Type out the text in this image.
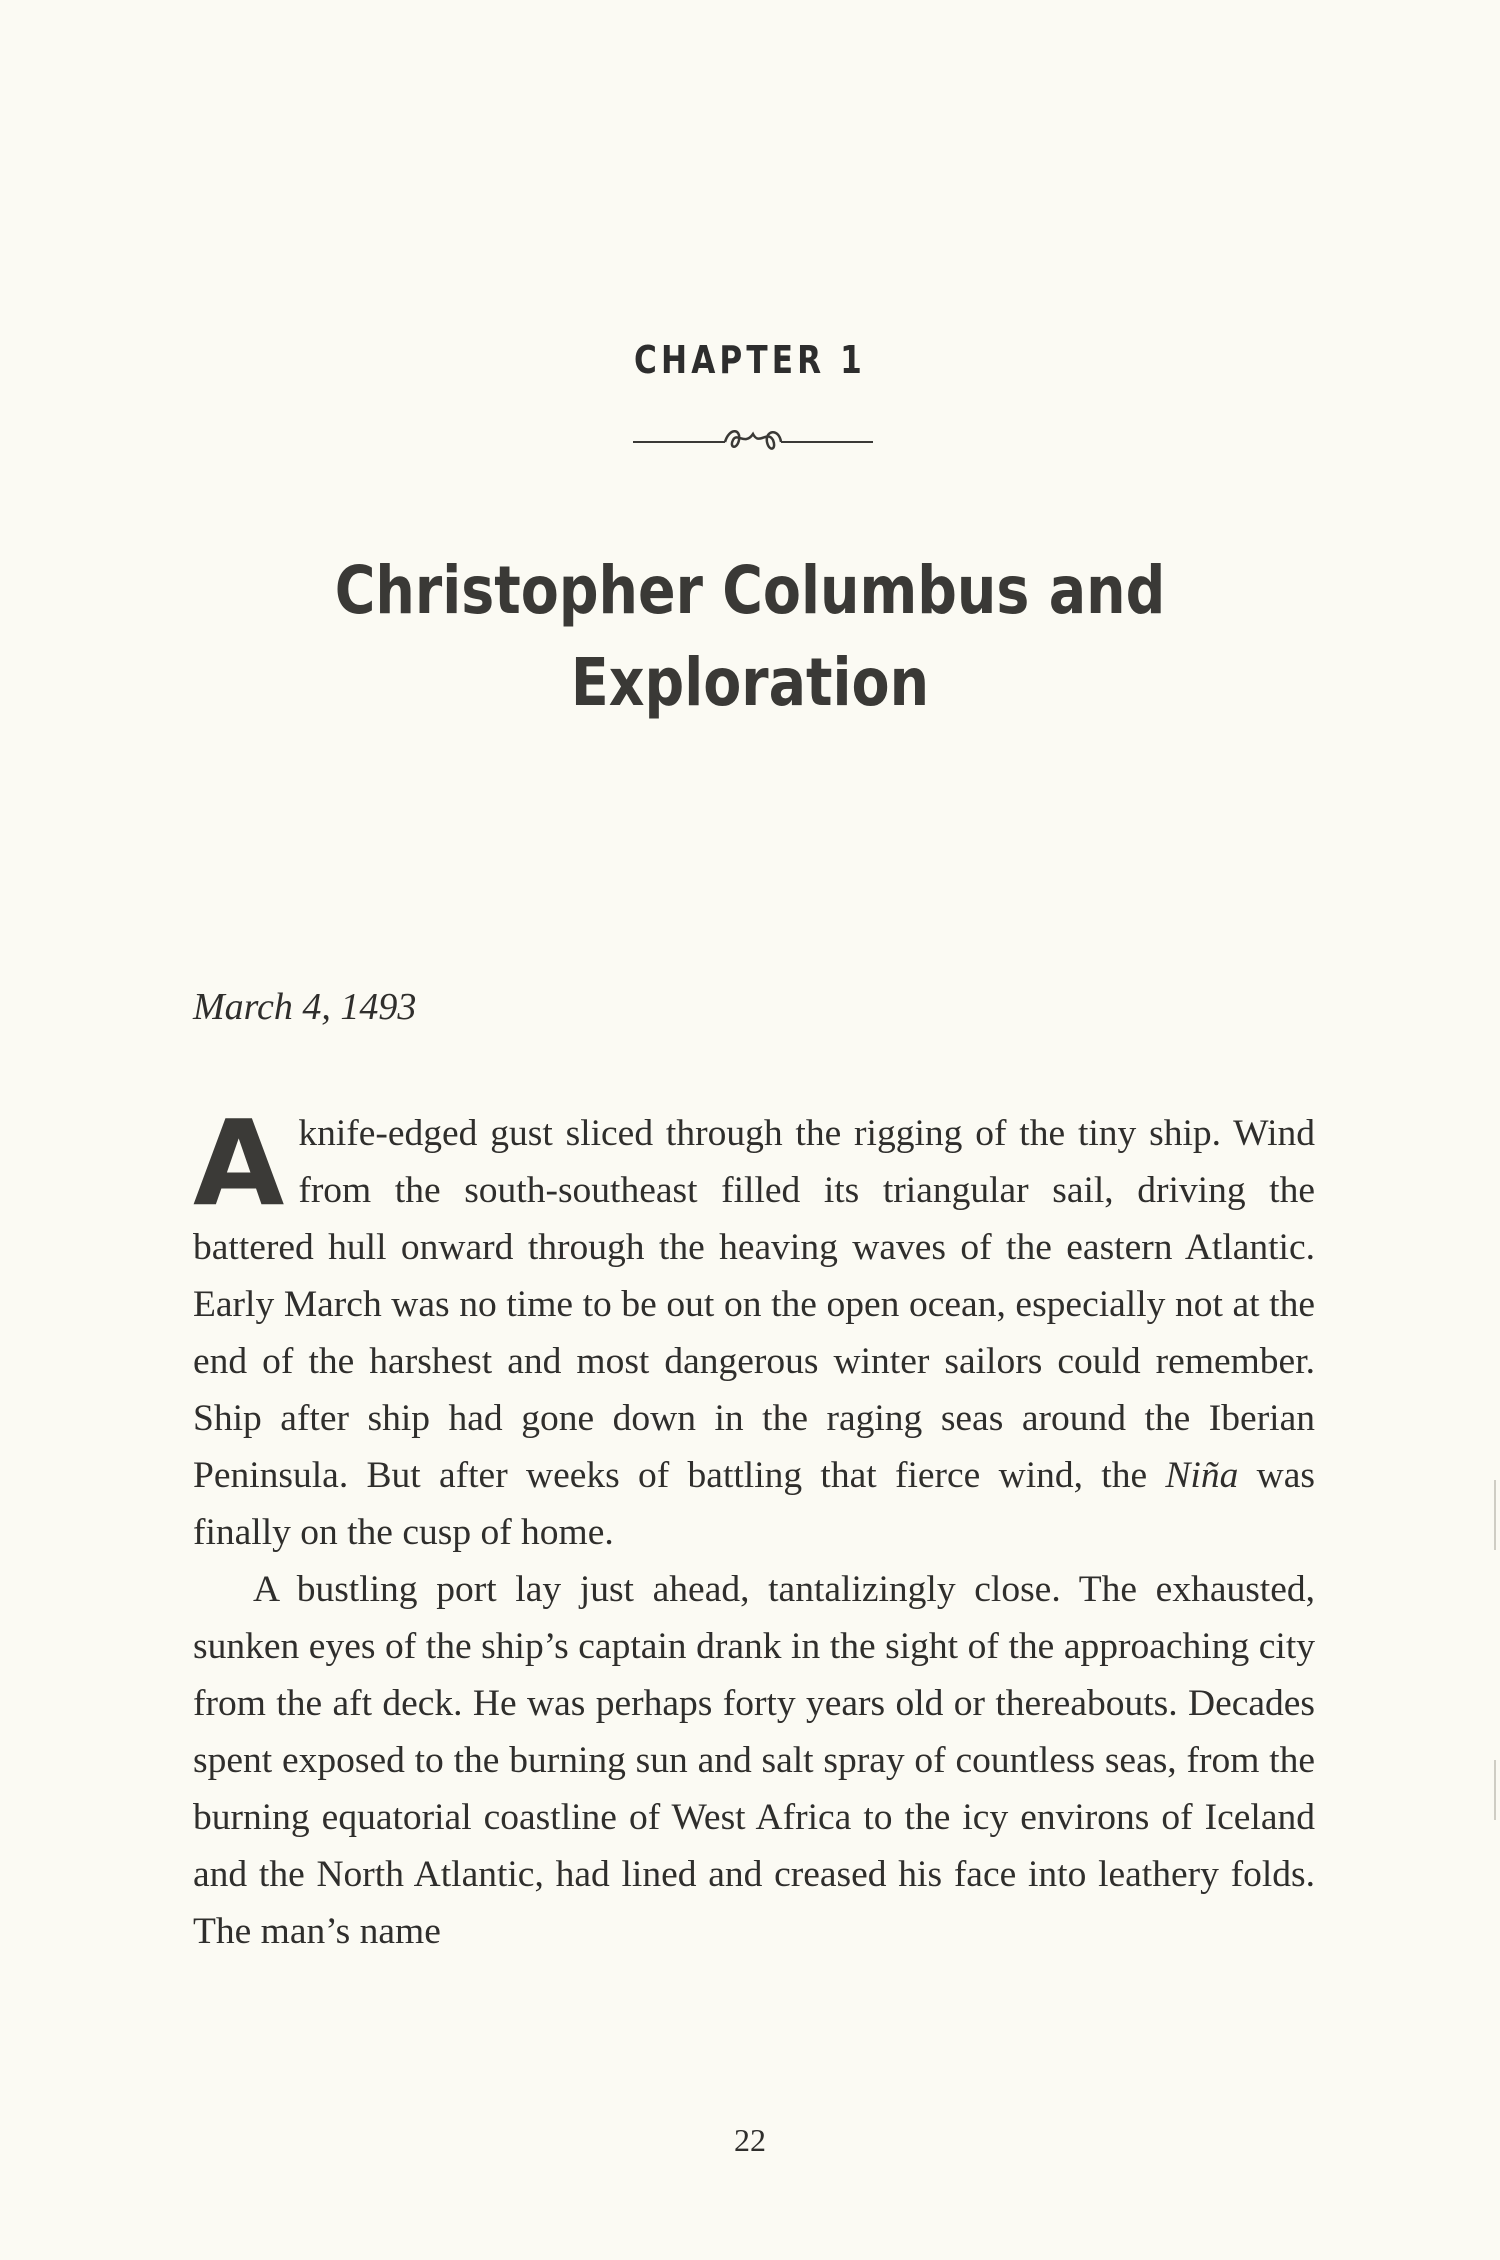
CHAPTER 1
Christopher Columbus and
Exploration
March 4, 1493

Aknife-edged gust sliced through the rigging of the tiny ship. Wind from the south-southeast filled its triangular sail, driving the battered hull onward through the heaving waves of the eastern Atlantic. Early March was no time to be out on the open ocean, especially not at the end of the harshest and most dangerous winter sailors could remember. Ship after ship had gone down in the raging seas around the Iberian Peninsula. But after weeks of battling that fierce wind, the Niña was finally on the cusp of home.

A bustling port lay just ahead, tantalizingly close. The exhausted, sunken eyes of the ship’s captain drank in the sight of the approaching city from the aft deck. He was perhaps forty years old or thereabouts. Decades spent exposed to the burning sun and salt spray of countless seas, from the burning equatorial coastline of West Africa to the icy environs of Iceland and the North Atlantic, had lined and creased his face into leathery folds. The man’s name

22
